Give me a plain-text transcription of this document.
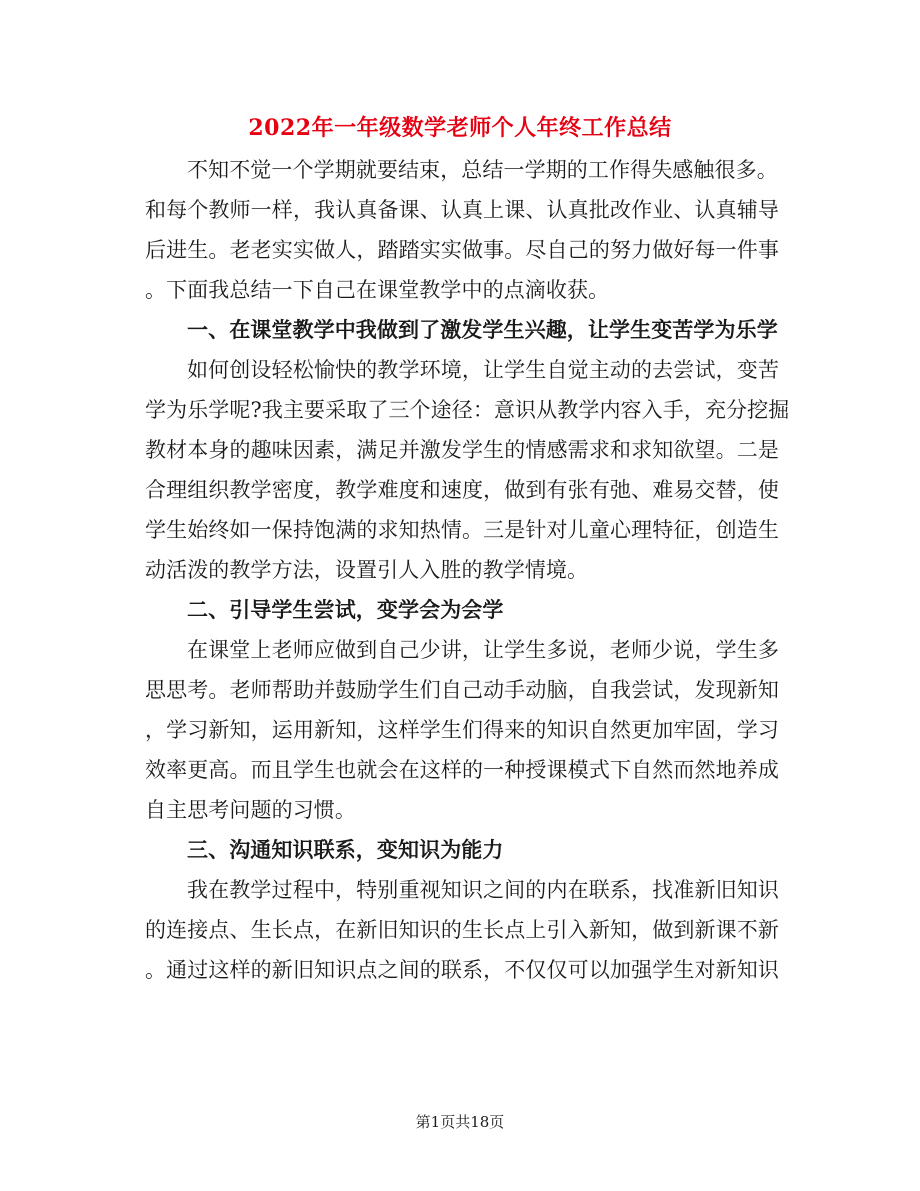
2022年一年级数学老师个人年终工作总结
不知不觉一个学期就要结束，总结一学期的工作得失感触很多。
和每个教师一样，我认真备课、认真上课、认真批改作业、认真辅导
后进生。老老实实做人，踏踏实实做事。尽自己的努力做好每一件事
。下面我总结一下自己在课堂教学中的点滴收获。
一、在课堂教学中我做到了激发学生兴趣，让学生变苦学为乐学
如何创设轻松愉快的教学环境，让学生自觉主动的去尝试，变苦
学为乐学呢?我主要采取了三个途径：意识从教学内容入手，充分挖掘
教材本身的趣味因素，满足并激发学生的情感需求和求知欲望。二是
合理组织教学密度，教学难度和速度，做到有张有弛、难易交替，使
学生始终如一保持饱满的求知热情。三是针对儿童心理特征，创造生
动活泼的教学方法，设置引人入胜的教学情境。
二、引导学生尝试，变学会为会学
在课堂上老师应做到自己少讲，让学生多说，老师少说，学生多
思思考。老师帮助并鼓励学生们自己动手动脑，自我尝试，发现新知
，学习新知，运用新知，这样学生们得来的知识自然更加牢固，学习
效率更高。而且学生也就会在这样的一种授课模式下自然而然地养成
自主思考问题的习惯。
三、沟通知识联系，变知识为能力
我在教学过程中，特别重视知识之间的内在联系，找准新旧知识
的连接点、生长点，在新旧知识的生长点上引入新知，做到新课不新
。通过这样的新旧知识点之间的联系，不仅仅可以加强学生对新知识
第1页共18页
